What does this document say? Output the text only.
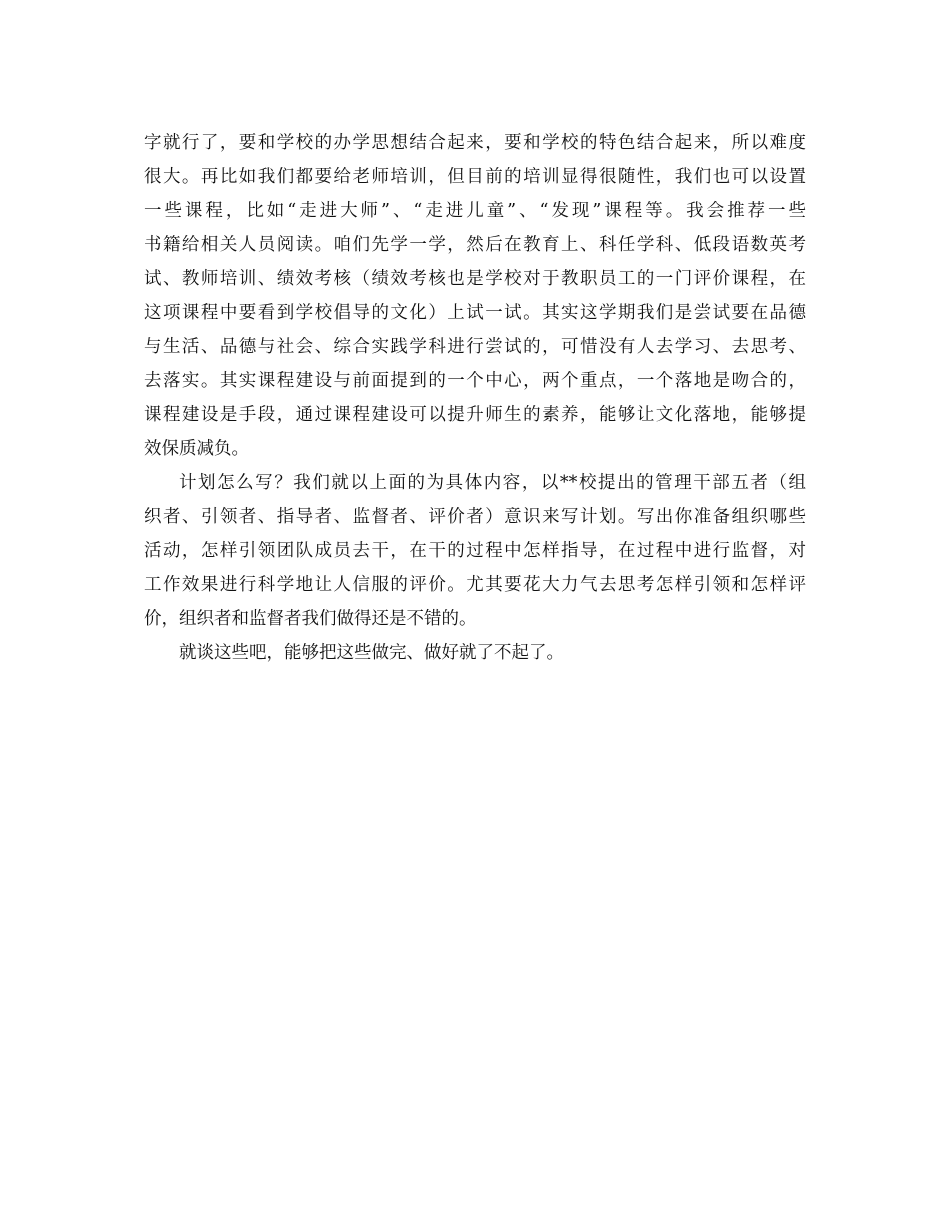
字就行了，要和学校的办学思想结合起来，要和学校的特色结合起来，所以难度
很大。再比如我们都要给老师培训，但目前的培训显得很随性，我们也可以设置
一些课程，比如“走进大师”、“走进儿童”、“发现”课程等。我会推荐一些
书籍给相关人员阅读。咱们先学一学，然后在教育上、科任学科、低段语数英考
试、教师培训、绩效考核（绩效考核也是学校对于教职员工的一门评价课程，在
这项课程中要看到学校倡导的文化）上试一试。其实这学期我们是尝试要在品德
与生活、品德与社会、综合实践学科进行尝试的，可惜没有人去学习、去思考、
去落实。其实课程建设与前面提到的一个中心，两个重点，一个落地是吻合的，
课程建设是手段，通过课程建设可以提升师生的素养，能够让文化落地，能够提
效保质减负。
计划怎么写？我们就以上面的为具体内容，以**校提出的管理干部五者（组
织者、引领者、指导者、监督者、评价者）意识来写计划。写出你准备组织哪些
活动，怎样引领团队成员去干，在干的过程中怎样指导，在过程中进行监督，对
工作效果进行科学地让人信服的评价。尤其要花大力气去思考怎样引领和怎样评
价，组织者和监督者我们做得还是不错的。
就谈这些吧，能够把这些做完、做好就了不起了。
